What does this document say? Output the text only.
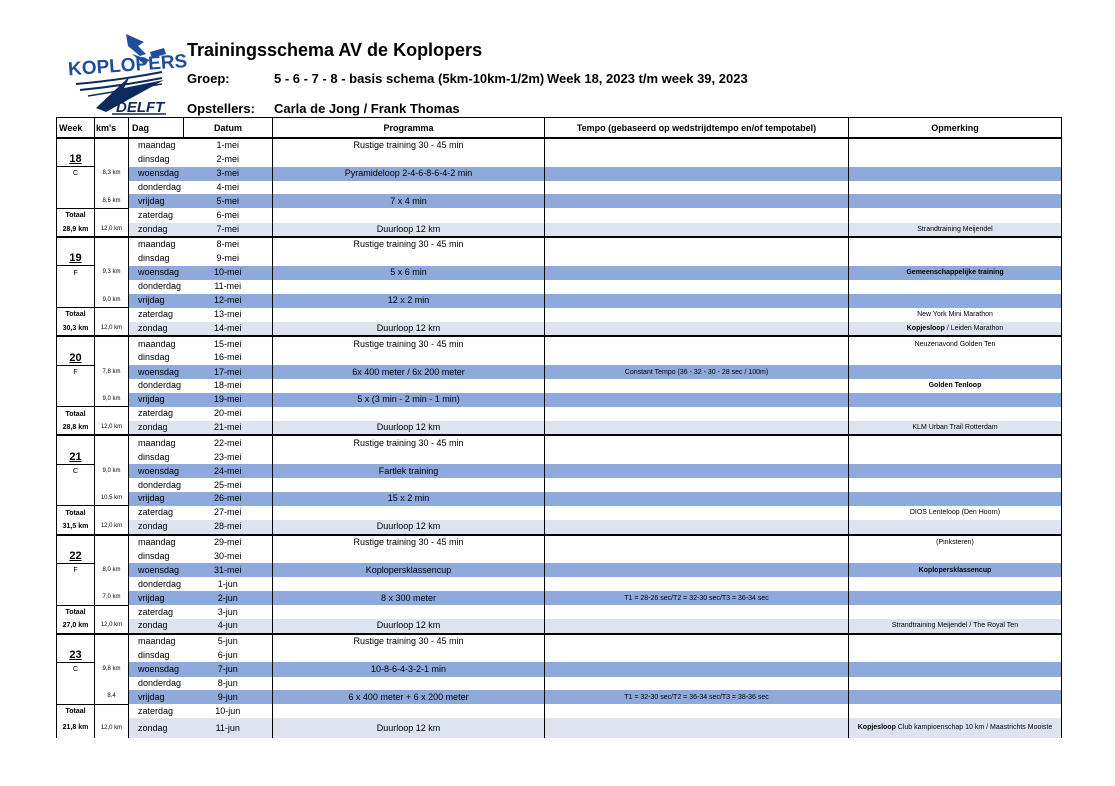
KOPLOPERS
DELFT
Trainingsschema AV de Koplopers
Groep:	5 - 6 - 7 - 8 - basis schema (5km-10km-1/2m) Week 18, 2023 t/m week 39, 2023
Opstellers: Carla de Jong / Frank Thomas
Week	km's	Dag	Datum	Programma	Tempo (gebaseerd op wedstrijdtempo en/of tempotabel)	Opmerking
		maandag	1-mei	Rustige training 30 - 45 min		
18		dinsdag	2-mei			
C	8,3 km	woensdag	3-mei	Pyramideloop 2-4-6-8-6-4-2 min		
		donderdag	4-mei			
	8,6 km	vrijdag	5-mei	7 x 4 min		
Totaal		zaterdag	6-mei			
28,9 km	12,0 km	zondag	7-mei	Duurloop 12 km		Strandtraining Meijendel
		maandag	8-mei	Rustige training 30 - 45 min		
19		dinsdag	9-mei			
F	9,3 km	woensdag	10-mei	5 x 6 min		Gemeenschappelijke training
		donderdag	11-mei			
	9,0 km	vrijdag	12-mei	12 x 2 min		
Totaal		zaterdag	13-mei			New York Mini Marathon
30,3 km	12,0 km	zondag	14-mei	Duurloop 12 km		Kopjesloop / Leiden Marathon
		maandag	15-mei	Rustige training 30 - 45 min		Neuzenavond Golden Ten
20		dinsdag	16-mei			
F	7,8 km	woensdag	17-mei	6x 400 meter / 6x 200 meter	Constant Tempo (36 - 32 - 30 - 28 sec / 100m)	
		donderdag	18-mei			Golden Tenloop
	9,0 km	vrijdag	19-mei	5 x (3 min - 2 min - 1 min)		
Totaal		zaterdag	20-mei			
28,8 km	12,0 km	zondag	21-mei	Duurloop 12 km		KLM Urban Trail Rotterdam
		maandag	22-mei	Rustige training 30 - 45 min		
21		dinsdag	23-mei			
C	9,0 km	woensdag	24-mei	Fartlek training		
		donderdag	25-mei			
	10,5 km	vrijdag	26-mei	15 x 2 min		
Totaal		zaterdag	27-mei			DIOS Lenteloop (Den Hoorn)
31,5 km	12,0 km	zondag	28-mei	Duurloop 12 km		
		maandag	29-mei	Rustige training 30 - 45 min		(Pinksteren)
22		dinsdag	30-mei			
F	8,0 km	woensdag	31-mei	Koplopersklassencup		Koplopersklassencup
		donderdag	1-jun			
	7,0 km	vrijdag	2-jun	8 x 300 meter	T1 = 28-26 sec/T2 = 32-30 sec/T3 = 36-34 sec	
Totaal		zaterdag	3-jun			
27,0 km	12,0 km	zondag	4-jun	Duurloop 12 km		Strandtraining Meijendel / The Royal Ten
		maandag	5-jun	Rustige training 30 - 45 min		
23		dinsdag	6-jun			
C	9,8 km	woensdag	7-jun	10-8-6-4-3-2-1 min		
		donderdag	8-jun			
	8.4	vrijdag	9-jun	6 x 400 meter + 6 x 200 meter	T1 = 32-30 sec/T2 = 36-34 sec/T3 = 38-36 sec	
Totaal		zaterdag	10-jun			
21,8 km	12,0 km	zondag	11-jun	Duurloop 12 km		Kopjesloop Club kampioenschap 10 km / Maastrichts Mooiste
